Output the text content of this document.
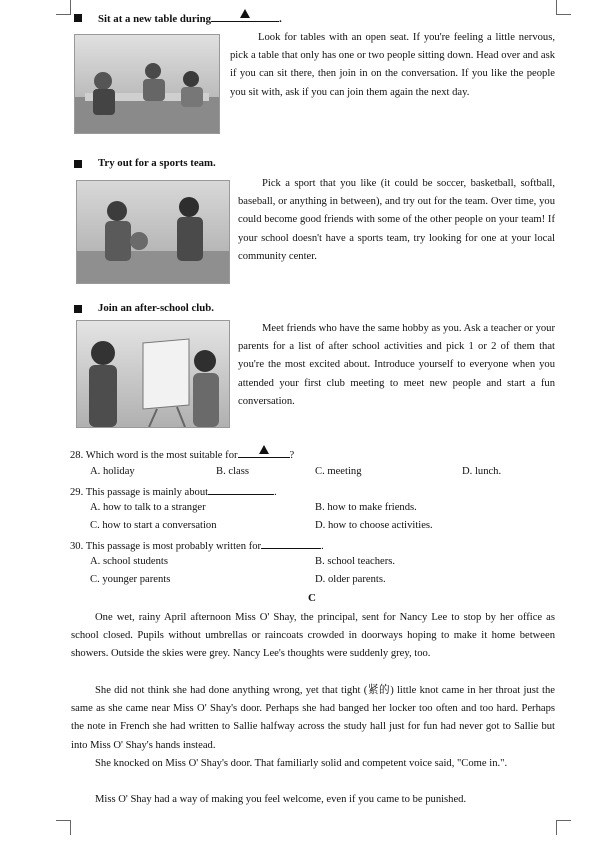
Sit at a new table during	.
Look for tables with an open seat. If you're feeling a little nervous, pick a table that only has one or two people sitting down. Head over and ask if you can sit there, then join in on the conversation. If you like the people you sit with, ask if you can join them again the next day.
Try out for a sports team.
Pick a sport that you like (it could be soccer, basketball, softball, baseball, or anything in between), and try out for the team. Over time, you could become good friends with some of the other people on your team! If your school doesn't have a sports team, try looking for one at your local community center.
Join an after-school club.
Meet friends who have the same hobby as you. Ask a teacher or your parents for a list of after school activities and pick 1 or 2 of them that you're the most excited about. Introduce yourself to everyone when you attended your first club meeting to meet new people and start a fun conversation.
28. Which word is the most suitable for	?
A. holiday	B. class	C. meeting	D. lunch.
29. This passage is mainly about	.
A. how to talk to a stranger	B. how to make friends.
C. how to start a conversation	D. how to choose activities.
30. This passage is most probably written for	.
A. school students	B. school teachers.
C. younger parents	D. older parents.
C
One wet, rainy April afternoon Miss O' Shay, the principal, sent for Nancy Lee to stop by her office as school closed. Pupils without umbrellas or raincoats crowded in doorways hoping to make it home between showers. Outside the skies were grey. Nancy Lee's thoughts were suddenly grey, too.
She did not think she had done anything wrong, yet that tight (紧的) little knot came in her throat just the same as she came near Miss O' Shay's door. Perhaps she had banged her locker too often and too hard. Perhaps the note in French she had written to Sallie halfway across the study hall just for fun had never got to Sallie but into Miss O' Shay's hands instead.
She knocked on Miss O' Shay's door. That familiarly solid and competent voice said, "Come in.".
Miss O' Shay had a way of making you feel welcome, even if you came to be punished.
